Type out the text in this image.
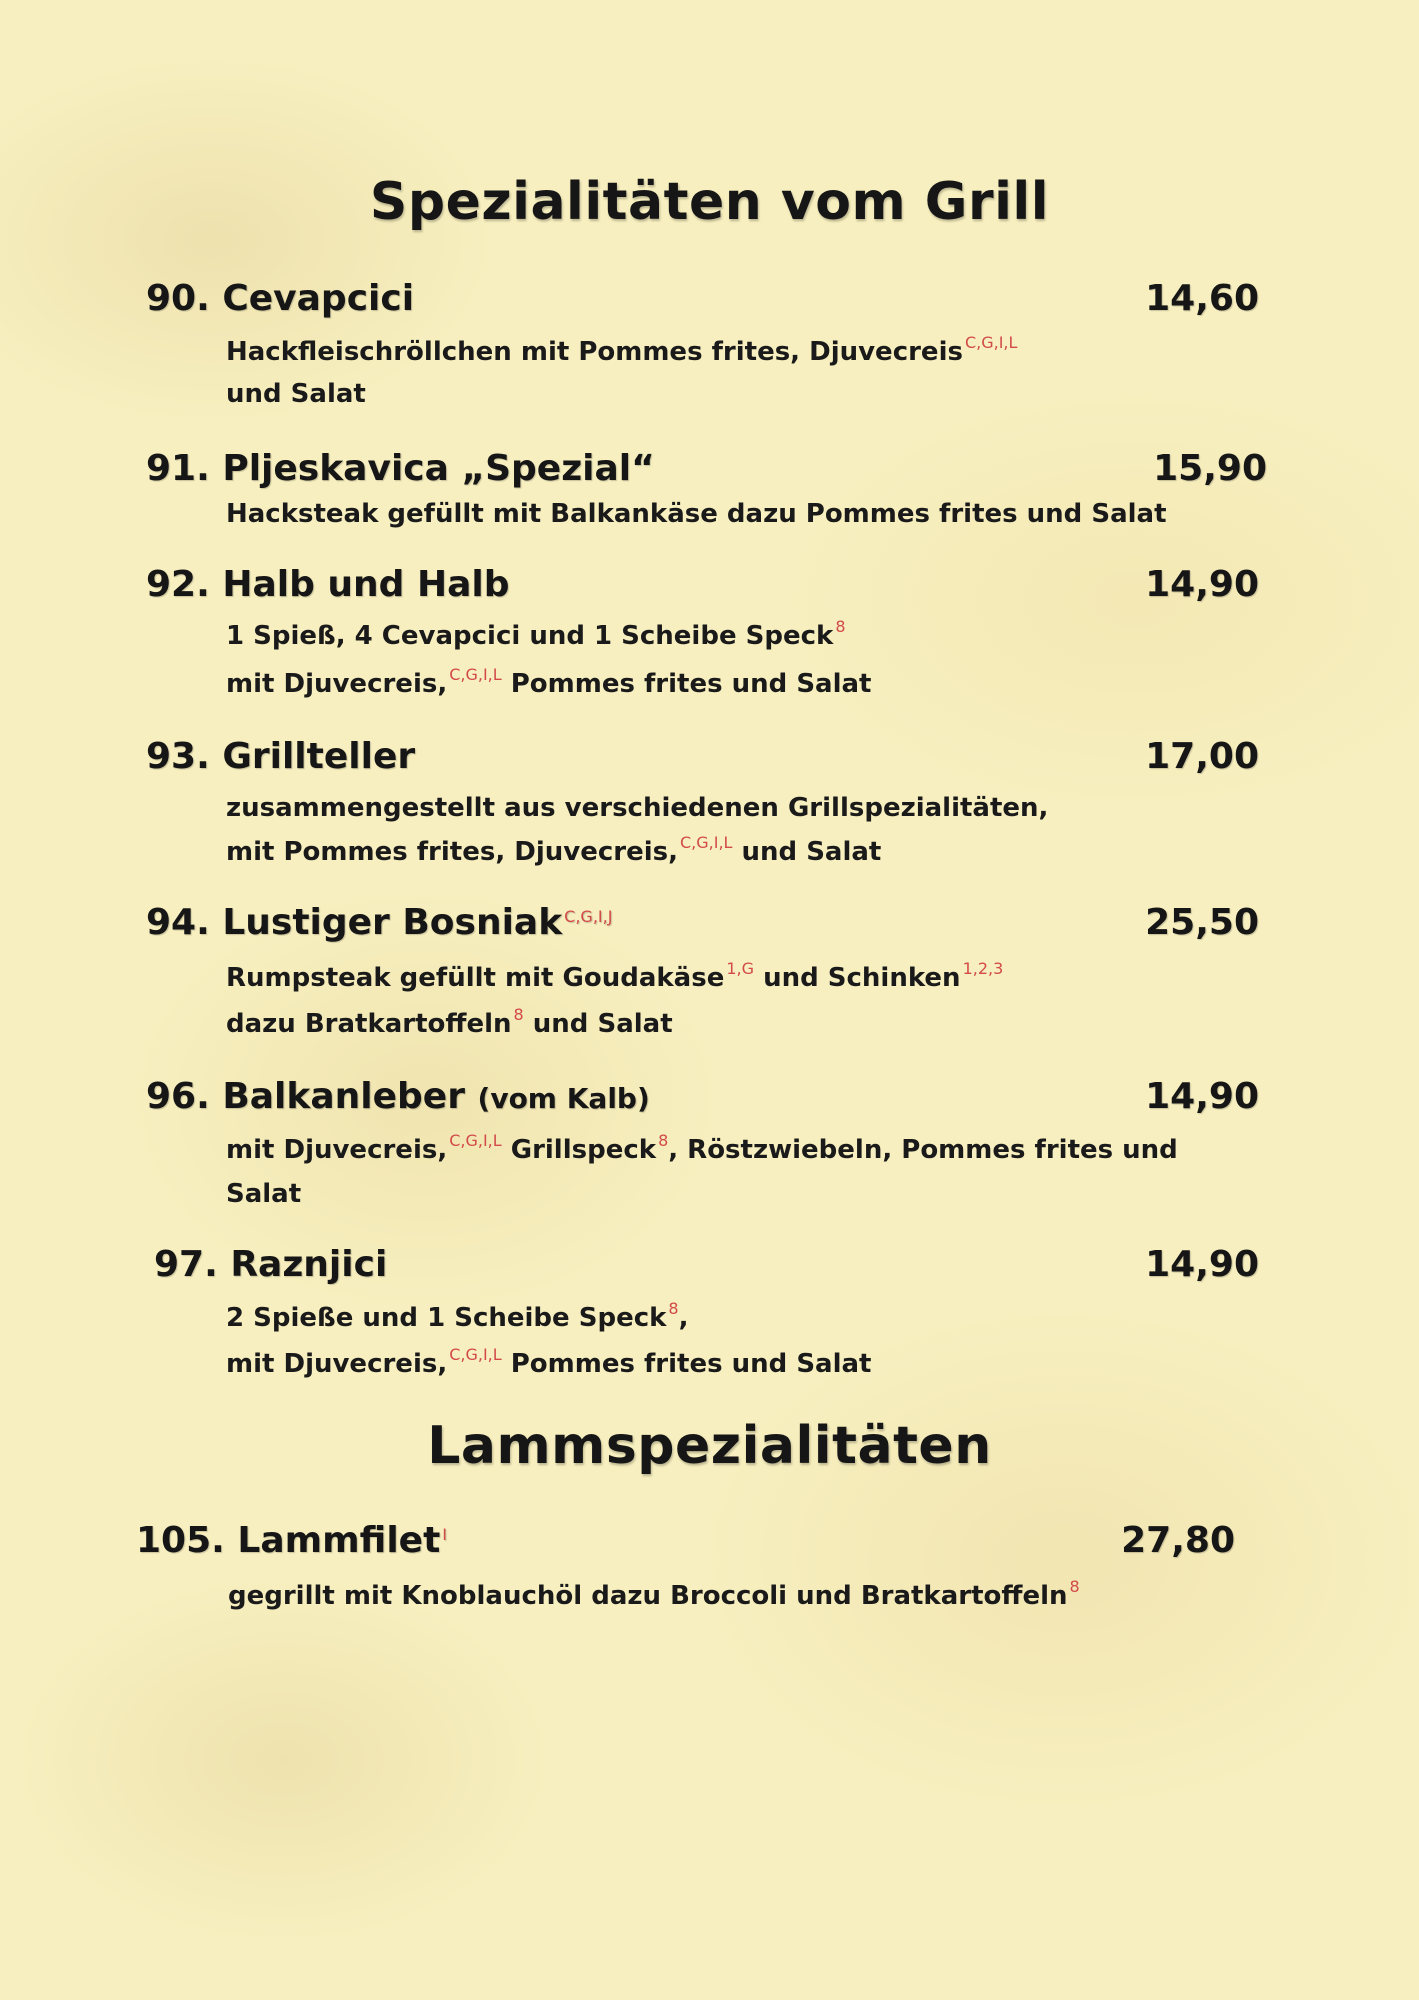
Spezialitäten vom Grill
90. Cevapcici	14,60
Hackfleischröllchen mit Pommes frites, Djuvecreis $^{C,G,I,L}$
und Salat
91. Pljeskavica „Spezial“	15,90
Hacksteak gefüllt mit Balkankäse dazu Pommes frites und Salat
92. Halb und Halb	14,90
1 Spieß, 4 Cevapcici und 1 Scheibe Speck $^8$
mit Djuvecreis, $^{C,G,I,L}$ Pommes frites und Salat
93. Grillteller	17,00
zusammengestellt aus verschiedenen Grillspezialitäten,
mit Pommes frites, Djuvecreis, $^{C,G,I,L}$ und Salat
94. Lustiger Bosniak $^{C,G,I,J}$	25,50
Rumpsteak gefüllt mit Goudakäse $^{1,G}$ und Schinken $^{1,2,3}$
dazu Bratkartoffeln $^8$ und Salat
96. Balkanleber (vom Kalb)	14,90
mit Djuvecreis, $^{C,G,I,L}$ Grillspeck $^8$, Röstzwiebeln, Pommes frites und
Salat
97. Raznjici	14,90
2 Spieße und 1 Scheibe Speck $^8$,
mit Djuvecreis, $^{C,G,I,L}$ Pommes frites und Salat
Lammspezialitäten
105. Lammfilet $^I$	27,80
gegrillt mit Knoblauchöl dazu Broccoli und Bratkartoffeln $^8$
